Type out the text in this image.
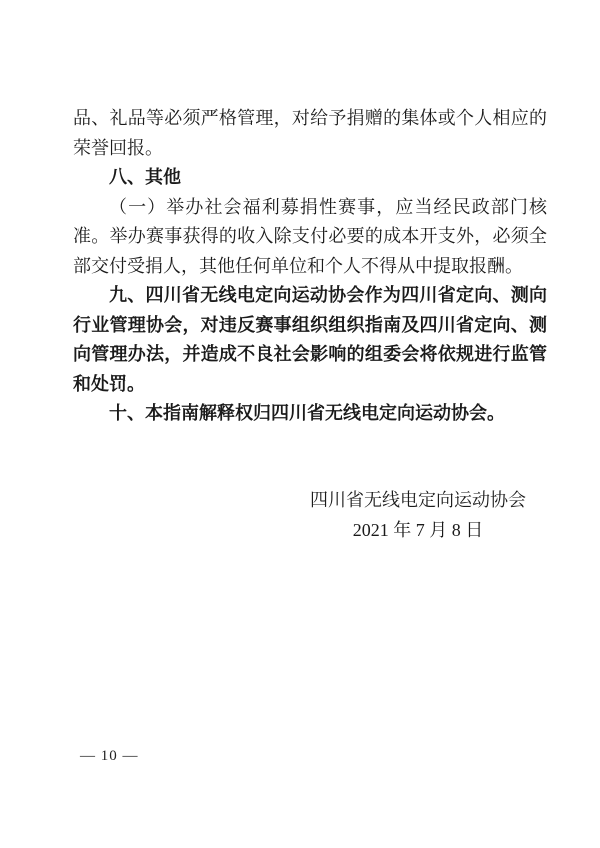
品、礼品等必须严格管理，对给予捐赠的集体或个人相应的荣誉回报。

八、其他

（一）举办社会福利募捐性赛事，应当经民政部门核准。举办赛事获得的收入除支付必要的成本开支外，必须全部交付受捐人，其他任何单位和个人不得从中提取报酬。

九、四川省无线电定向运动协会作为四川省定向、测向行业管理协会，对违反赛事组织组织指南及四川省定向、测向管理办法，并造成不良社会影响的组委会将依规进行监管和处罚。

十、本指南解释权归四川省无线电定向运动协会。

四川省无线电定向运动协会

2021 年 7 月 8 日

— 10 —
